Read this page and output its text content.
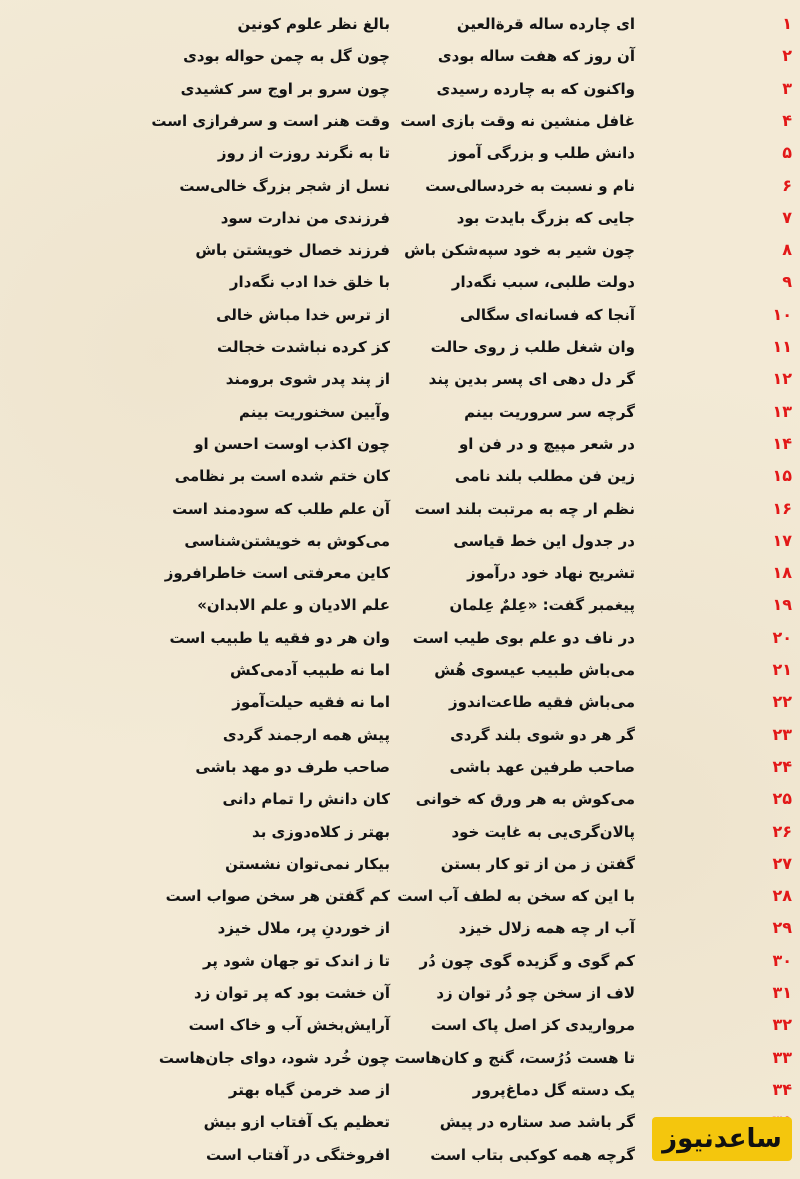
۱
ای چارده ساله قرةالعین
بالغ نظر علوم کونین
۲
آن روز که هفت ساله بودی
چون گل به چمن حواله بودی
۳
واکنون که به چارده رسیدی
چون سرو بر اوج سر کشیدی
۴
غافل منشین نه وقت بازی است
وقت هنر است و سرفرازی است
۵
دانش طلب و بزرگی آموز
تا به نگرند روزت از روز
۶
نام و نسبت به خردسالی‌ست
نسل از شجر بزرگ خالی‌ست
۷
جایی که بزرگ بایدت بود
فرزندی من ندارت سود
۸
چون شیر به خود سپه‌شکن باش
فرزند خصال خویشتن باش
۹
دولت طلبی، سبب نگه‌دار
با خلق خدا ادب نگه‌دار
۱۰
آنجا که فسانه‌ای سگالی
از ترس خدا مباش خالی
۱۱
وان شغل طلب ز روی حالت
کز کرده نباشدت خجالت
۱۲
گر دل دهی ای پسر بدین پند
از پند پدر شوی برومند
۱۳
گرچه سر سروریت بینم
وآیین سخنوریت بینم
۱۴
در شعر مپیچ و در فن او
چون اکذب اوست احسن او
۱۵
زین فن مطلب بلند نامی
کان ختم شده است بر نظامی
۱۶
نظم ار چه به مرتبت بلند است
آن علم طلب که سودمند است
۱۷
در جدول این خط قیاسی
می‌کوش به خویشتن‌شناسی
۱۸
تشریح نهاد خود درآموز
کاین معرفتی است خاطرافروز
۱۹
پیغمبر گفت: «عِلمٌ عِلمان
علم الادیان و علم الابدان»
۲۰
در ناف دو علم بوی طیب است
وان هر دو فقیه یا طبیب است
۲۱
می‌باش طبیب عیسوی هُش
اما نه طبیب آدمی‌کش
۲۲
می‌باش فقیه طاعت‌اندوز
اما نه فقیه حیلت‌آموز
۲۳
گر هر دو شوی بلند گردی
پیش همه ارجمند گردی
۲۴
صاحب طرفین عهد باشی
صاحب طرف دو مهد باشی
۲۵
می‌کوش به هر ورق که خوانی
کان دانش را تمام دانی
۲۶
پالان‌گری‌یی به غایت خود
بهتر ز کلاه‌دوزی بد
۲۷
گفتن ز من از تو کار بستن
بیکار نمی‌توان نشستن
۲۸
با این که سخن به لطف آب است
کم گفتن هر سخن صواب است
۲۹
آب ار چه همه زلال خیزد
از خوردنِ پر، ملال خیزد
۳۰
کم گوی و گزیده گوی چون دُر
تا ز اندک تو جهان شود پر
۳۱
لاف از سخن چو دُر توان زد
آن خشت بود که پر توان زد
۳۲
مرواریدی کز اصل پاک است
آرایش‌بخش آب و خاک است
۳۳
تا هست دُرُست، گنج و کان‌هاست
چون خُرد شود، دوای جان‌هاست
۳۴
یک دسته گل دماغ‌پرور
از صد خرمن گیاه بهتر
گر باشد صد ستاره در پیش
تعظیم یک آفتاب ازو بیش
گرچه همه کوکبی بتاب است
افروختگی در آفتاب است
ساعدنیوز
